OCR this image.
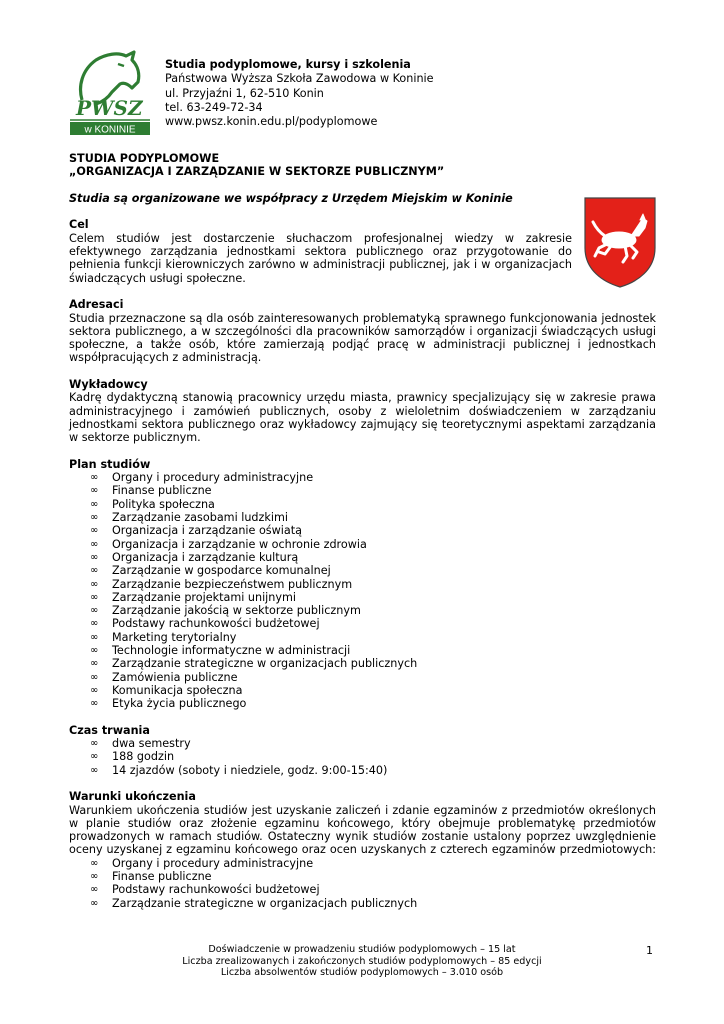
PWSZ
w KONINIE
Studia podyplomowe, kursy i szkolenia
Państwowa Wyższa Szkoła Zawodowa w Koninie
ul. Przyjaźni 1, 62-510 Konin
tel. 63-249-72-34
www.pwsz.konin.edu.pl/podyplomowe
STUDIA PODYPLOMOWE
„ORGANIZACJA I ZARZĄDZANIE W SEKTORZE PUBLICZNYM”
Studia są organizowane we współpracy z Urzędem Miejskim w Koninie
Cel
Celem studiów jest dostarczenie słuchaczom profesjonalnej wiedzy w zakresie
efektywnego zarządzania jednostkami sektora publicznego oraz przygotowanie do
pełnienia funkcji kierowniczych zarówno w administracji publicznej, jak i w organizacjach
świadczących usługi społeczne.
Adresaci
Studia przeznaczone są dla osób zainteresowanych problematyką sprawnego funkcjonowania jednostek
sektora publicznego, a w szczególności dla pracowników samorządów i organizacji świadczących usługi
społeczne, a także osób, które zamierzają podjąć pracę w administracji publicznej i jednostkach
współpracujących z administracją.
Wykładowcy
Kadrę dydaktyczną stanowią pracownicy urzędu miasta, prawnicy specjalizujący się w zakresie prawa
administracyjnego i zamówień publicznych, osoby z wieloletnim doświadczeniem w zarządzaniu
jednostkami sektora publicznego oraz wykładowcy zajmujący się teoretycznymi aspektami zarządzania
w sektorze publicznym.
Plan studiów
∞ Organy i procedury administracyjne
∞ Finanse publiczne
∞ Polityka społeczna
∞ Zarządzanie zasobami ludzkimi
∞ Organizacja i zarządzanie oświatą
∞ Organizacja i zarządzanie w ochronie zdrowia
∞ Organizacja i zarządzanie kulturą
∞ Zarządzanie w gospodarce komunalnej
∞ Zarządzanie bezpieczeństwem publicznym
∞ Zarządzanie projektami unijnymi
∞ Zarządzanie jakością w sektorze publicznym
∞ Podstawy rachunkowości budżetowej
∞ Marketing terytorialny
∞ Technologie informatyczne w administracji
∞ Zarządzanie strategiczne w organizacjach publicznych
∞ Zamówienia publiczne
∞ Komunikacja społeczna
∞ Etyka życia publicznego
Czas trwania
∞ dwa semestry
∞ 188 godzin
∞ 14 zjazdów (soboty i niedziele, godz. 9:00-15:40)
Warunki ukończenia
Warunkiem ukończenia studiów jest uzyskanie zaliczeń i zdanie egzaminów z przedmiotów określonych
w planie studiów oraz złożenie egzaminu końcowego, który obejmuje problematykę przedmiotów
prowadzonych w ramach studiów. Ostateczny wynik studiów zostanie ustalony poprzez uwzględnienie
oceny uzyskanej z egzaminu końcowego oraz ocen uzyskanych z czterech egzaminów przedmiotowych:
∞ Organy i procedury administracyjne
∞ Finanse publiczne
∞ Podstawy rachunkowości budżetowej
∞ Zarządzanie strategiczne w organizacjach publicznych
Doświadczenie w prowadzeniu studiów podyplomowych – 15 lat
Liczba zrealizowanych i zakończonych studiów podyplomowych – 85 edycji
Liczba absolwentów studiów podyplomowych – 3.010 osób
1
